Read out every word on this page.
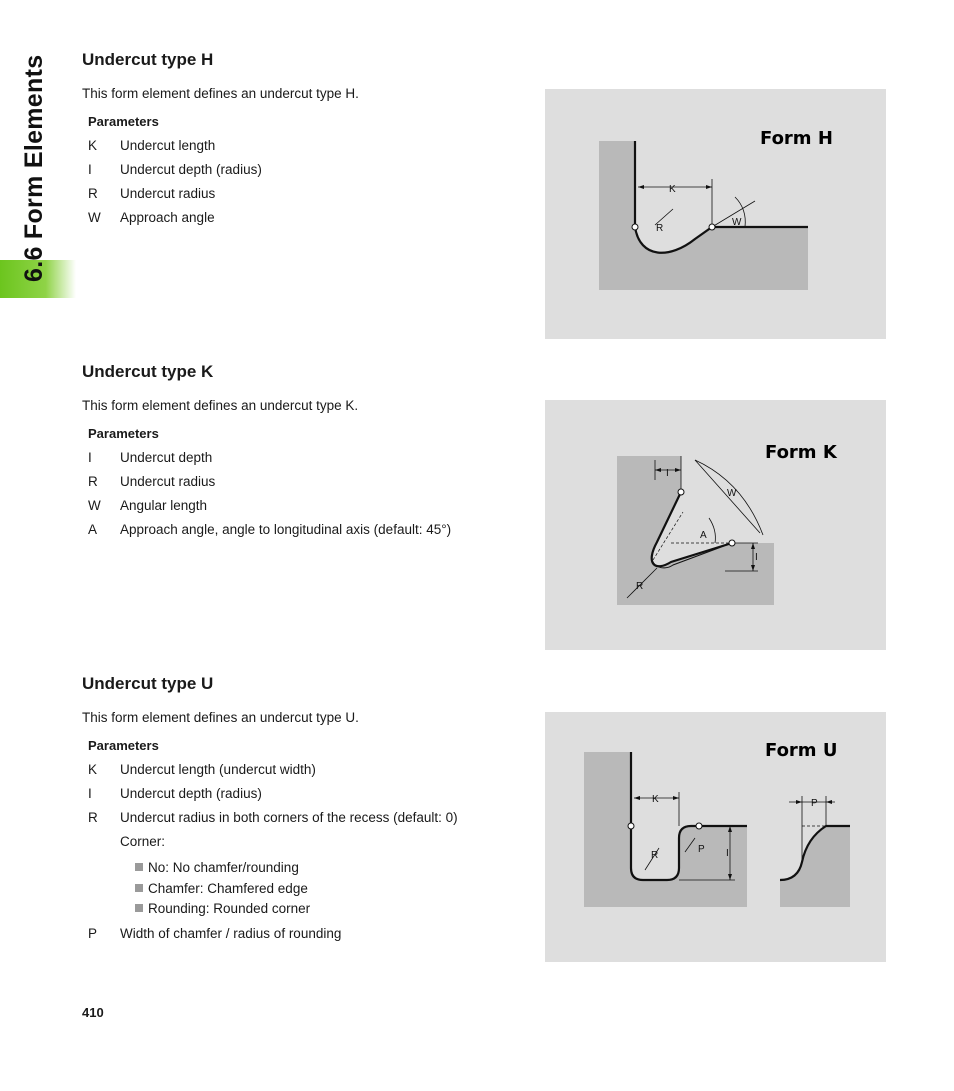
6.6 Form Elements Undercut type H

This form element defines an undercut type H.

Parameters
K Undercut length
I Undercut depth (radius)
R Undercut radius
W Approach angle
Form H
K
R
W
Undercut type K

This form element defines an undercut type K.

Parameters
I Undercut depth
R Undercut radius
W Angular length
A Approach angle, angle to longitudinal axis (default: 45°)
Form K
I
W
A
I
R
Undercut type U

This form element defines an undercut type U.

Parameters
K Undercut length (undercut width)
I Undercut depth (radius)
R Undercut radius in both corners of the recess (default: 0)
Corner:
No: No chamfer/rounding
Chamfer: Chamfered edge
Rounding: Rounded corner
P Width of chamfer / radius of rounding
Form U
K
R
P I
P
410
